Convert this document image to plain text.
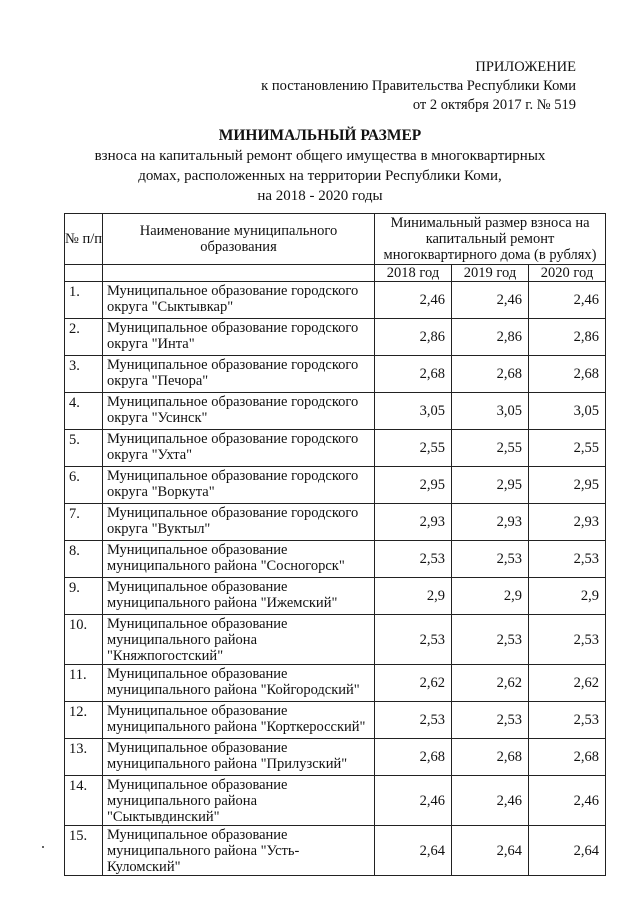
ПРИЛОЖЕНИЕ
к постановлению Правительства Республики Коми
от 2 октября 2017 г. № 519
МИНИМАЛЬНЫЙ РАЗМЕР
взноса на капитальный ремонт общего имущества в многоквартирных домах, расположенных на территории Республики Коми,
на 2018 - 2020 годы
№ п/п	Наименование муниципального образования	Минимальный размер взноса на капитальный ремонт многоквартирного дома (в рублях)		
		2018 год	2019 год	2020 год
1.	Муниципальное образование городского округа "Сыктывкар"	2,46	2,46	2,46
2.	Муниципальное образование городского округа "Инта"	2,86	2,86	2,86
3.	Муниципальное образование городского округа "Печора"	2,68	2,68	2,68
4.	Муниципальное образование городского округа "Усинск"	3,05	3,05	3,05
5.	Муниципальное образование городского округа "Ухта"	2,55	2,55	2,55
6.	Муниципальное образование городского округа "Воркута"	2,95	2,95	2,95
7.	Муниципальное образование городского округа "Вуктыл"	2,93	2,93	2,93
8.	Муниципальное образование муниципального района "Сосногорск"	2,53	2,53	2,53
9.	Муниципальное образование муниципального района "Ижемский"	2,9	2,9	2,9
10.	Муниципальное образование муниципального района "Княжпогостский"	2,53	2,53	2,53
11.	Муниципальное образование муниципального района "Койгородский"	2,62	2,62	2,62
12.	Муниципальное образование муниципального района "Корткеросский"	2,53	2,53	2,53
13.	Муниципальное образование муниципального района "Прилузский"	2,68	2,68	2,68
14.	Муниципальное образование муниципального района "Сыктывдинский"	2,46	2,46	2,46
15.	Муниципальное образование муниципального района "Усть-Куломский"	2,64	2,64	2,64
